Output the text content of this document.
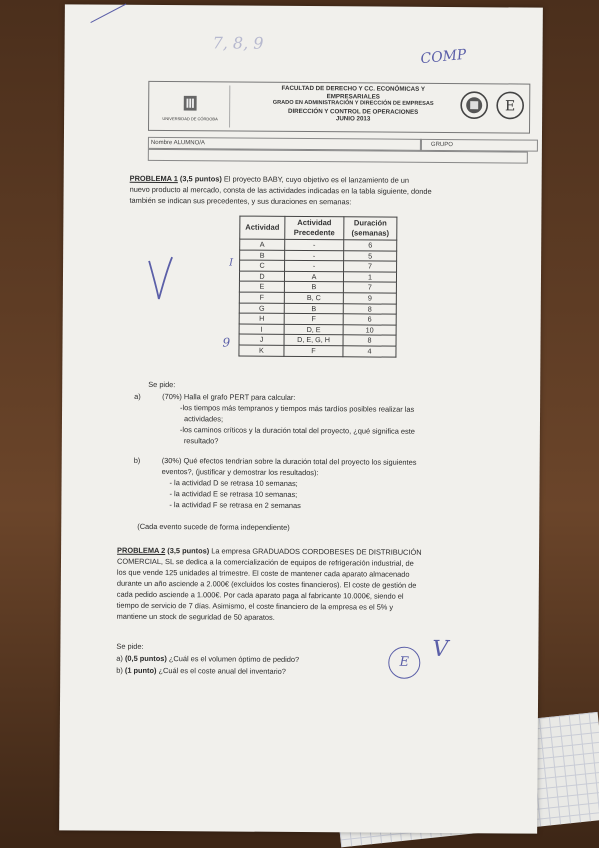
7, 8, 9
COMP
UNIVERSIDAD DE CÓRDOBA
FACULTAD DE DERECHO Y CC. ECONÓMICAS Y
EMPRESARIALES
GRADO EN ADMINISTRACIÓN Y DIRECCIÓN DE EMPRESAS
DIRECCIÓN Y CONTROL DE OPERACIONES
JUNIO 2013
E
Nombre ALUMNO/A	GRUPO
PROBLEMA 1 (3,5 puntos) El proyecto BABY, cuyo objetivo es el lanzamiento de un
nuevo producto al mercado, consta de las actividades indicadas en la tabla siguiente, donde
también se indican sus precedentes, y sus duraciones en semanas:
Actividad	Actividad Precedente	Duración (semanas)
A	-	6
B	-	5
C	-	7
D	A	1
E	B	7
F	B, C	9
G	B	8
H	F	6
I	D, E	10
J	D, E, G, H	8
K	F	4
I
9
Se pide:
a)	(70%) Halla el grafo PERT para calcular:
-los tiempos más tempranos y tiempos más tardíos posibles realizar las
actividades;
-los caminos críticos y la duración total del proyecto, ¿qué significa este
resultado?
b)	(30%) Qué efectos tendrían sobre la duración total del proyecto los siguientes
eventos?, (justificar y demostrar los resultados):
- la actividad D se retrasa 10 semanas;
- la actividad E se retrasa 10 semanas;
- la actividad F se retrasa en 2 semanas
(Cada evento sucede de forma independiente)
PROBLEMA 2 (3,5 puntos) La empresa GRADUADOS CORDOBESES DE DISTRIBUCIÓN
COMERCIAL, SL se dedica a la comercialización de equipos de refrigeración industrial, de
los que vende 125 unidades al trimestre. El coste de mantener cada aparato almacenado
durante un año asciende a 2.000€ (excluidos los costes financieros). El coste de gestión de
cada pedido asciende a 1.000€. Por cada aparato paga al fabricante 10.000€, siendo el
tiempo de servicio de 7 días. Asimismo, el coste financiero de la empresa es el 5% y
mantiene un stock de seguridad de 50 aparatos.
Se pide:
a) (0,5 puntos) ¿Cuál es el volumen óptimo de pedido?
b) (1 punto) ¿Cuál es el coste anual del inventario?
E
V
